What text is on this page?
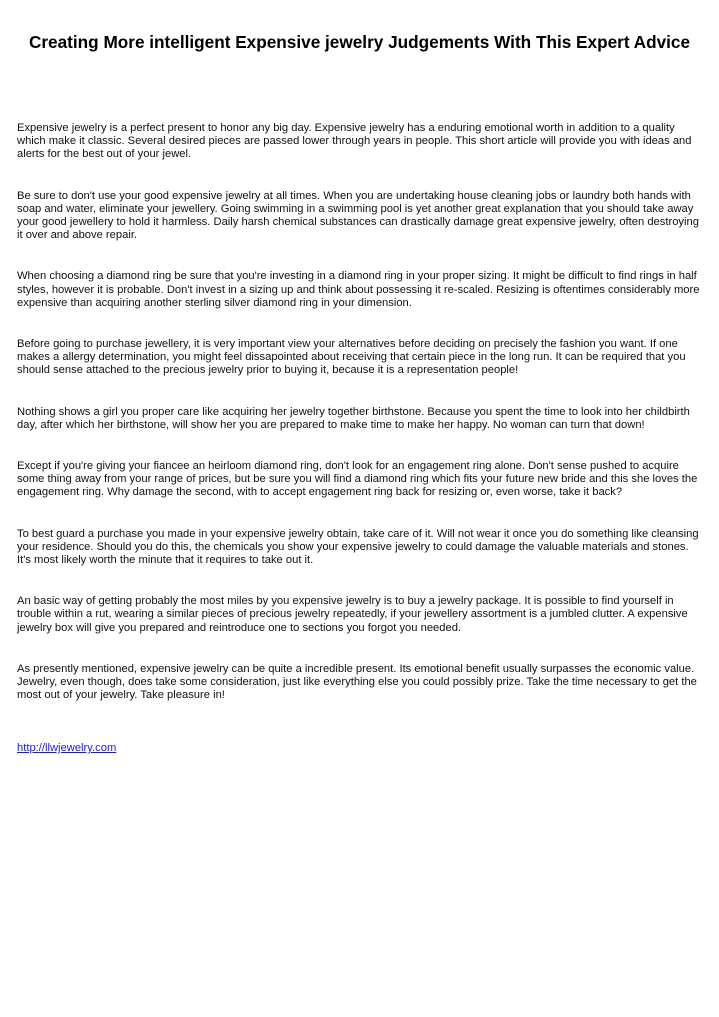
Creating More intelligent Expensive jewelry Judgements With This Expert Advice

Expensive jewelry is a perfect present to honor any big day. Expensive jewelry has a enduring emotional worth in addition to a quality which make it classic. Several desired pieces are passed lower through years in people. This short article will provide you with ideas and alerts for the best out of your jewel.

Be sure to don't use your good expensive jewelry at all times. When you are undertaking house cleaning jobs or laundry both hands with soap and water, eliminate your jewellery. Going swimming in a swimming pool is yet another great explanation that you should take away your good jewellery to hold it harmless. Daily harsh chemical substances can drastically damage great expensive jewelry, often destroying it over and above repair.

When choosing a diamond ring be sure that you're investing in a diamond ring in your proper sizing. It might be difficult to find rings in half styles, however it is probable. Don't invest in a sizing up and think about possessing it re-scaled. Resizing is oftentimes considerably more expensive than acquiring another sterling silver diamond ring in your dimension.

Before going to purchase jewellery, it is very important view your alternatives before deciding on precisely the fashion you want. If one makes a allergy determination, you might feel dissapointed about receiving that certain piece in the long run. It can be required that you should sense attached to the precious jewelry prior to buying it, because it is a representation people!

Nothing shows a girl you proper care like acquiring her jewelry together birthstone. Because you spent the time to look into her childbirth day, after which her birthstone, will show her you are prepared to make time to make her happy. No woman can turn that down!

Except if you're giving your fiancee an heirloom diamond ring, don't look for an engagement ring alone. Don't sense pushed to acquire some thing away from your range of prices, but be sure you will find a diamond ring which fits your future new bride and this she loves the engagement ring. Why damage the second, with to accept engagement ring back for resizing or, even worse, take it back?

To best guard a purchase you made in your expensive jewelry obtain, take care of it. Will not wear it once you do something like cleansing your residence. Should you do this, the chemicals you show your expensive jewelry to could damage the valuable materials and stones. It's most likely worth the minute that it requires to take out it.

An basic way of getting probably the most miles by you expensive jewelry is to buy a jewelry package. It is possible to find yourself in trouble within a rut, wearing a similar pieces of precious jewelry repeatedly, if your jewellery assortment is a jumbled clutter. A expensive jewelry box will give you prepared and reintroduce one to sections you forgot you needed.

As presently mentioned, expensive jewelry can be quite a incredible present. Its emotional benefit usually surpasses the economic value. Jewelry, even though, does take some consideration, just like everything else you could possibly prize. Take the time necessary to get the most out of your jewelry. Take pleasure in!

http://llwjewelry.com
